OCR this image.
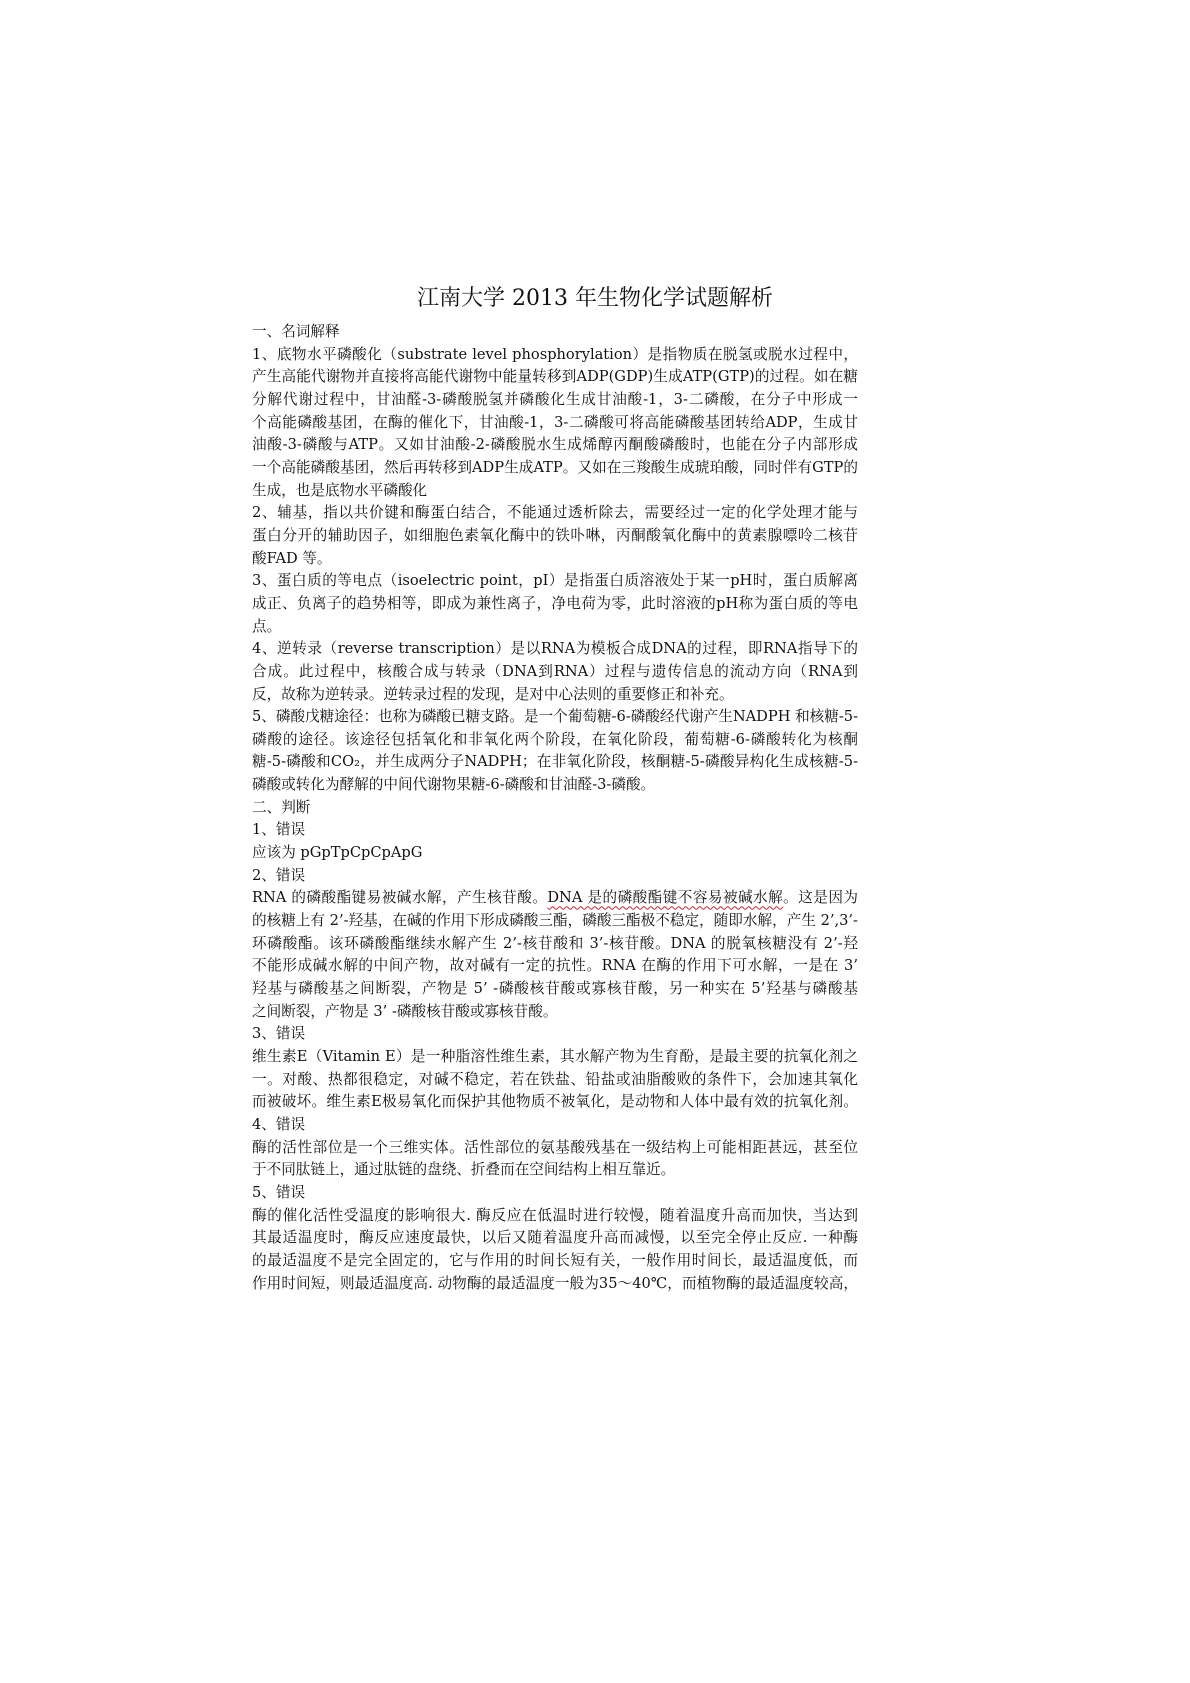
江南大学 2013 年生物化学试题解析
一、名词解释
1、底物水平磷酸化（substrate level phosphorylation）是指物质在脱氢或脱水过程中，
产生高能代谢物并直接将高能代谢物中能量转移到ADP(GDP)生成ATP(GTP)的过程。如在糖
分解代谢过程中，甘油醛-3-磷酸脱氢并磷酸化生成甘油酸-1，3-二磷酸，在分子中形成一
个高能磷酸基团，在酶的催化下，甘油酸-1，3-二磷酸可将高能磷酸基团转给ADP，生成甘
油酸-3-磷酸与ATP。又如甘油酸-2-磷酸脱水生成烯醇丙酮酸磷酸时，也能在分子内部形成
一个高能磷酸基团，然后再转移到ADP生成ATP。又如在三羧酸生成琥珀酸，同时伴有GTP的
生成，也是底物水平磷酸化
2、辅基，指以共价键和酶蛋白结合，不能通过透析除去，需要经过一定的化学处理才能与
蛋白分开的辅助因子，如细胞色素氧化酶中的铁卟啉，丙酮酸氧化酶中的黄素腺嘌呤二核苷
酸FAD 等。
3、蛋白质的等电点（isoelectric point，pI）是指蛋白质溶液处于某一pH时，蛋白质解离
成正、负离子的趋势相等，即成为兼性离子，净电荷为零，此时溶液的pH称为蛋白质的等电
点。
4、逆转录（reverse transcription）是以RNA为模板合成DNA的过程，即RNA指导下的
合成。此过程中，核酸合成与转录（DNA到RNA）过程与遗传信息的流动方向（RNA到
反，故称为逆转录。逆转录过程的发现，是对中心法则的重要修正和补充。
5、磷酸戊糖途径：也称为磷酸已糖支路。是一个葡萄糖-6-磷酸经代谢产生NADPH 和核糖-5-
磷酸的途径。该途径包括氧化和非氧化两个阶段，在氧化阶段，葡萄糖-6-磷酸转化为核酮
糖-5-磷酸和CO₂，并生成两分子NADPH；在非氧化阶段，核酮糖-5-磷酸异构化生成核糖-5-
磷酸或转化为酵解的中间代谢物果糖-6-磷酸和甘油醛-3-磷酸。
二、判断
1、错误
应该为 pGpTpCpCpApG
2、错误
RNA 的磷酸酯键易被碱水解，产生核苷酸。DNA 是的磷酸酯键不容易被碱水解。这是因为
的核糖上有 2’-羟基，在碱的作用下形成磷酸三酯，磷酸三酯极不稳定，随即水解，产生 2’,3’-
环磷酸酯。该环磷酸酯继续水解产生 2’-核苷酸和 3’-核苷酸。DNA 的脱氧核糖没有 2’-羟
不能形成碱水解的中间产物，故对碱有一定的抗性。RNA 在酶的作用下可水解，一是在 3’
羟基与磷酸基之间断裂，产物是 5’ -磷酸核苷酸或寡核苷酸，另一种实在 5’羟基与磷酸基
之间断裂，产物是 3’ -磷酸核苷酸或寡核苷酸。
3、错误
维生素E（Vitamin E）是一种脂溶性维生素，其水解产物为生育酚，是最主要的抗氧化剂之
一。对酸、热都很稳定，对碱不稳定，若在铁盐、铅盐或油脂酸败的条件下，会加速其氧化
而被破坏。维生素E极易氧化而保护其他物质不被氧化，是动物和人体中最有效的抗氧化剂。
4、错误
酶的活性部位是一个三维实体。活性部位的氨基酸残基在一级结构上可能相距甚远，甚至位
于不同肽链上，通过肽链的盘绕、折叠而在空间结构上相互靠近。
5、错误
酶的催化活性受温度的影响很大. 酶反应在低温时进行较慢，随着温度升高而加快，当达到
其最适温度时，酶反应速度最快，以后又随着温度升高而减慢，以至完全停止反应. 一种酶
的最适温度不是完全固定的，它与作用的时间长短有关，一般作用时间长，最适温度低，而
作用时间短，则最适温度高. 动物酶的最适温度一般为35～40℃，而植物酶的最适温度较高，
